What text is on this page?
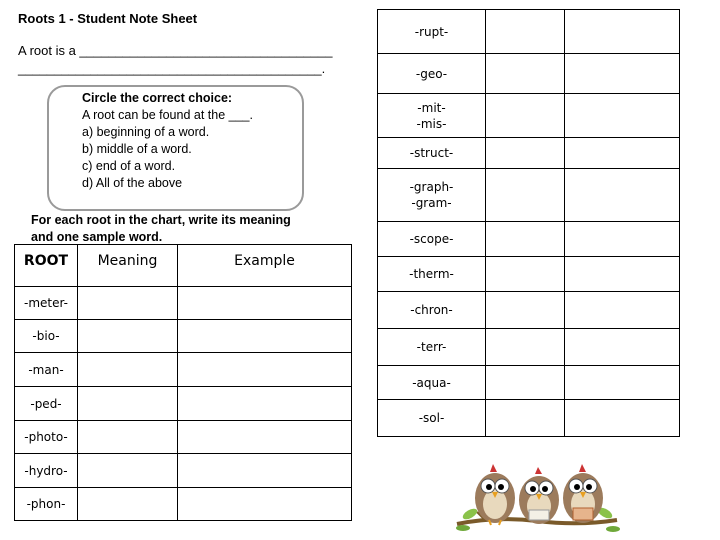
Roots 1 - Student Note Sheet
A root is a ___________________________________
__________________________________________.
Circle the correct choice:
A root can be found at the ___.
a) beginning of a word.
b) middle of a word.
c) end of a word.
d) All of the above
For each root in the chart, write its meaning
and one sample word.
ROOT	Meaning	Example
-meter-		
-bio-		
-man-		
-ped-		
-photo-		
-hydro-		
-phon-		
-rupt-		

-geo-		

-mit-
-mis-		

-struct-		

-graph-
-gram-		

-scope-		

-therm-		

-chron-		

-terr-		

-aqua-		

-sol-		
